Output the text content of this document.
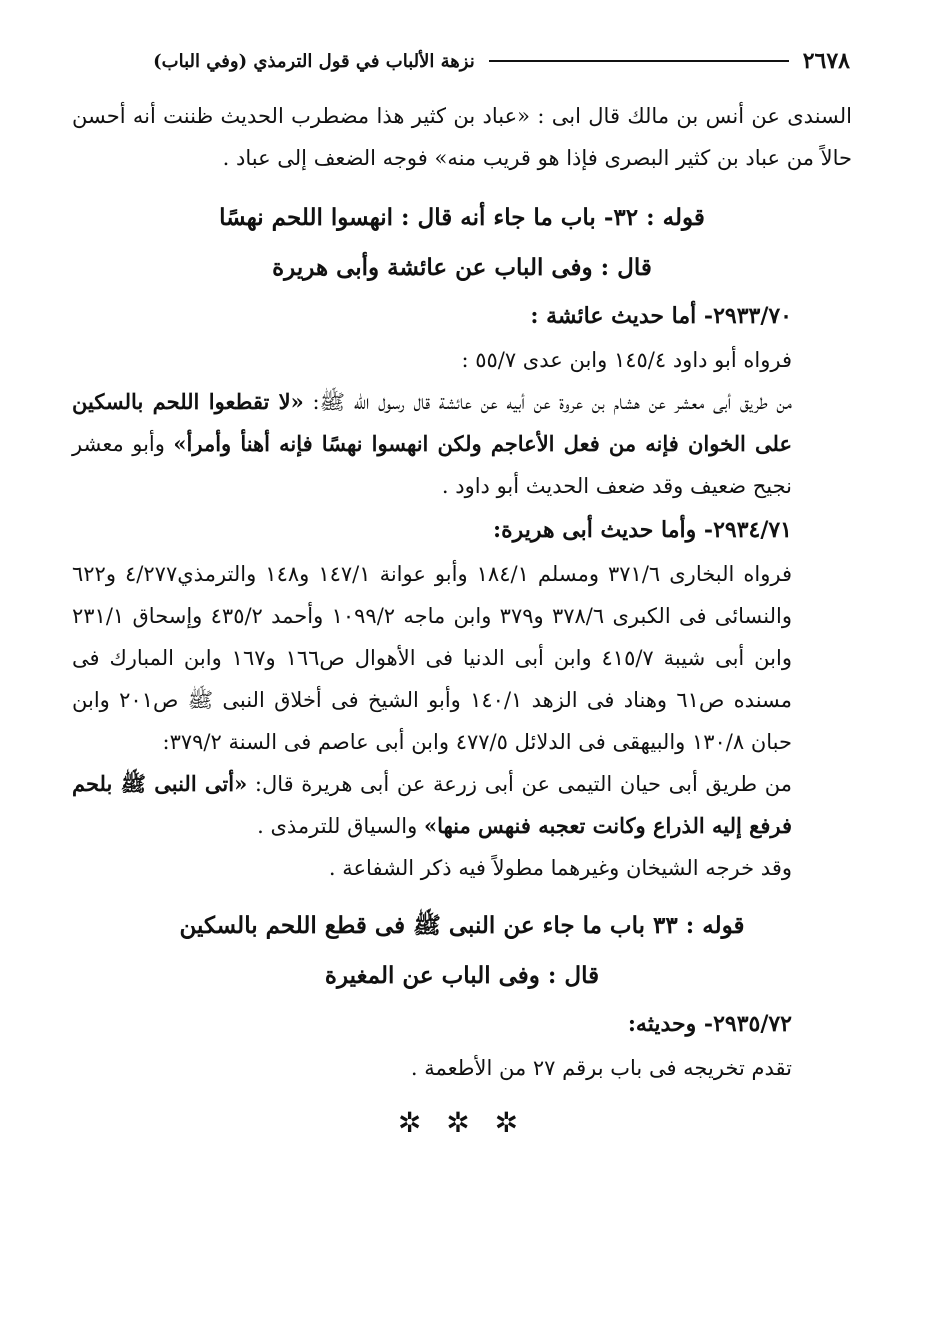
٢٦٧٨
نزهة الألباب في قول الترمذي (وفي الباب)

السندى عن أنس بن مالك قال ابى : «عباد بن كثير هذا مضطرب الحديث ظننت أنه أحسن حالاً من عباد بن كثير البصرى فإذا هو قريب منه» فوجه الضعف إلى عباد .

قوله : ٣٢- باب ما جاء أنه قال : انهسوا اللحم نهسًا

قال : وفى الباب عن عائشة وأبى هريرة

٢٩٣٣/٧٠- أما حديث عائشة :

فرواه أبو داود ١٤٥/٤ وابن عدى ٥٥/٧ :

من طريق أبى معشر عن هشام بن عروة عن أبيه عن عائشة قال رسول الله ﷺ: «لا تقطعوا اللحم بالسكين على الخوان فإنه من فعل الأعاجم ولكن انهسوا نهسًا فإنه أهنأ وأمرأ» وأبو معشر نجيح ضعيف وقد ضعف الحديث أبو داود .

٢٩٣٤/٧١- وأما حديث أبى هريرة:

فرواه البخارى ٣٧١/٦ ومسلم ١٨٤/١ وأبو عوانة ١٤٧/١ و١٤٨ والترمذي٤/٢٧٧ و٦٢٢ والنسائى فى الكبرى ٣٧٨/٦ و٣٧٩ وابن ماجه ١٠٩٩/٢ وأحمد ٤٣٥/٢ وإسحاق ٢٣١/١ وابن أبى شيبة ٤١٥/٧ وابن أبى الدنيا فى الأهوال ص١٦٦ و١٦٧ وابن المبارك فى مسنده ص٦١ وهناد فى الزهد ١٤٠/١ وأبو الشيخ فى أخلاق النبى ﷺ ص٢٠١ وابن حبان ١٣٠/٨ والبيهقى فى الدلائل ٤٧٧/٥ وابن أبى عاصم فى السنة ٣٧٩/٢:

من طريق أبى حيان التيمى عن أبى زرعة عن أبى هريرة قال: «أتى النبى ﷺ بلحم فرفع إليه الذراع وكانت تعجبه فنهس منها» والسياق للترمذى .

وقد خرجه الشيخان وغيرهما مطولاً فيه ذكر الشفاعة .

قوله : ٣٣ باب ما جاء عن النبى ﷺ فى قطع اللحم بالسكين

قال : وفى الباب عن المغيرة

٢٩٣٥/٧٢- وحديثه:

تقدم تخريجه فى باب برقم ٢٧ من الأطعمة .

✲ ✲ ✲
